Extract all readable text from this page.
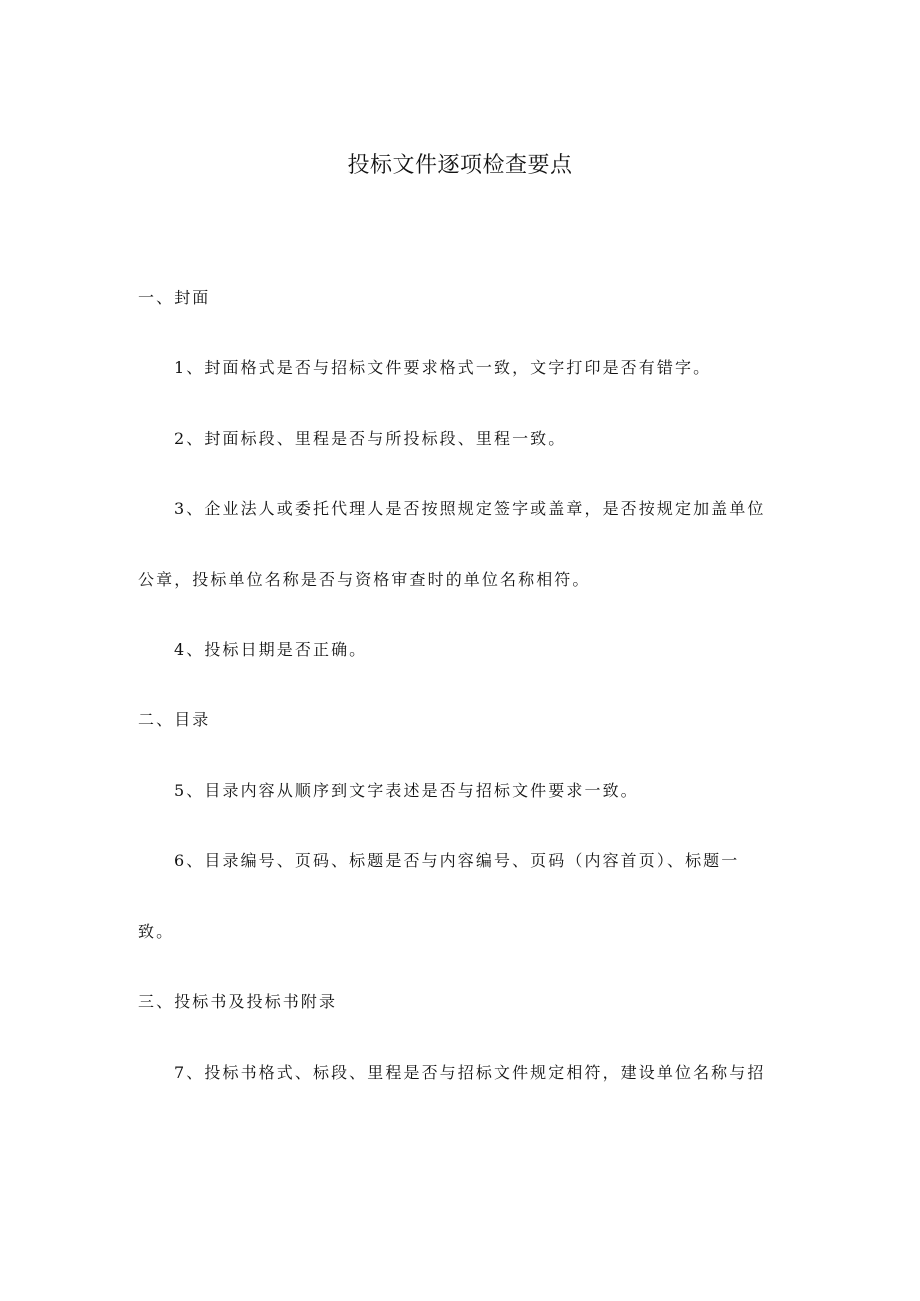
投标文件逐项检查要点
一、封面
1、封面格式是否与招标文件要求格式一致，文字打印是否有错字。
2、封面标段、里程是否与所投标段、里程一致。
3、企业法人或委托代理人是否按照规定签字或盖章，是否按规定加盖单位
公章，投标单位名称是否与资格审查时的单位名称相符。
4、投标日期是否正确。
二、目录
5、目录内容从顺序到文字表述是否与招标文件要求一致。
6、目录编号、页码、标题是否与内容编号、页码（内容首页）、标题一
致。
三、投标书及投标书附录
7、投标书格式、标段、里程是否与招标文件规定相符，建设单位名称与招
